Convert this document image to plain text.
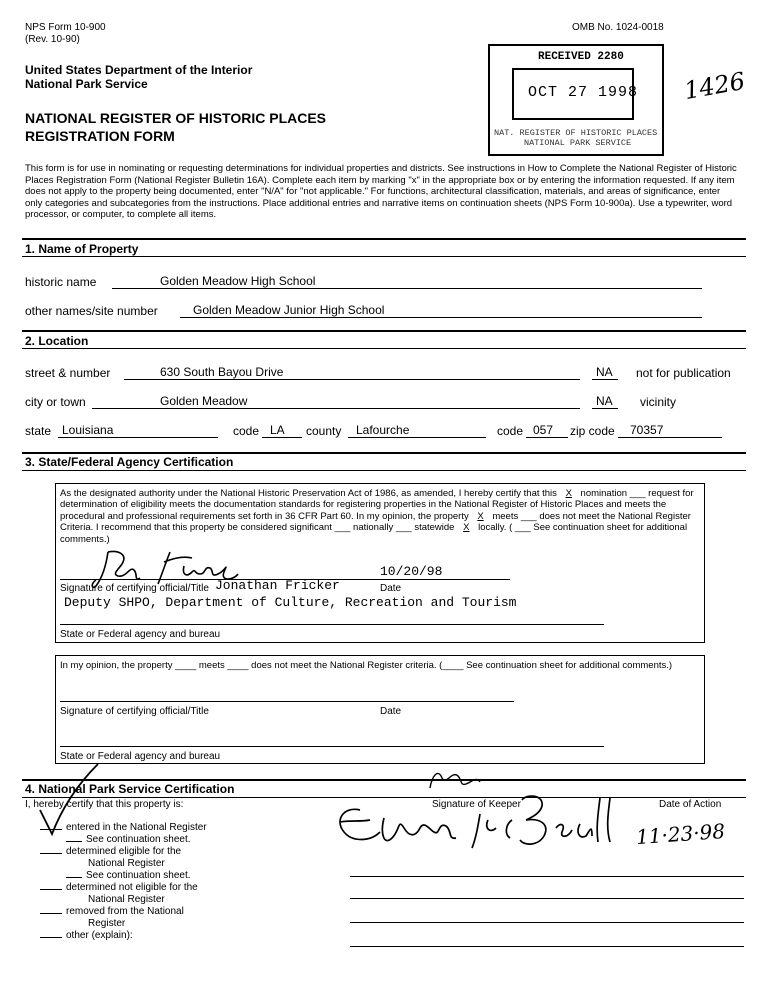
NPS Form 10-900
(Rev. 10-90)
OMB No. 1024-0018
United States Department of the Interior
National Park Service
NATIONAL REGISTER OF HISTORIC PLACES
REGISTRATION FORM
RECEIVED 2280
OCT 27 1998
NAT. REGISTER OF HISTORIC PLACES
NATIONAL PARK SERVICE
1426
This form is for use in nominating or requesting determinations for individual properties and districts. See instructions in How to Complete the National Register of Historic Places Registration Form (National Register Bulletin 16A). Complete each item by marking "x" in the appropriate box or by entering the information requested. If any item does not apply to the property being documented, enter "N/A" for "not applicable." For functions, architectural classification, materials, and areas of significance, enter only categories and subcategories from the instructions. Place additional entries and narrative items on continuation sheets (NPS Form 10-900a). Use a typewriter, word processor, or computer, to complete all items.
1. Name of Property
historic name	Golden Meadow High School
other names/site number	Golden Meadow Junior High School
2. Location
street & number	630 South Bayou Drive	NA not for publication
city or town	Golden Meadow	NA vicinity
state Louisiana	code LA county Lafourche	code 057 zip code 70357
3. State/Federal Agency Certification
As the designated authority under the National Historic Preservation Act of 1986, as amended, I hereby certify that this X nomination ___ request for determination of eligibility meets the documentation standards for registering properties in the National Register of Historic Places and meets the procedural and professional requirements set forth in 36 CFR Part 60. In my opinion, the property X meets ___ does not meet the National Register Criteria. I recommend that this property be considered significant ___ nationally ___ statewide X locally. ( ___ See continuation sheet for additional comments.)
10/20/98
Signature of certifying official/Title Jonathan Fricker	Date
Deputy SHPO, Department of Culture, Recreation and Tourism
State or Federal agency and bureau
In my opinion, the property ____ meets ____ does not meet the National Register criteria. (____ See continuation sheet for additional comments.)
Signature of certifying official/Title	Date
State or Federal agency and bureau
4. National Park Service Certification
I, hereby certify that this property is:	Signature of Keeper	Date of Action
11·23·98
entered in the National Register
See continuation sheet.
determined eligible for the
National Register
See continuation sheet.
determined not eligible for the
National Register
removed from the National
Register
other (explain):
